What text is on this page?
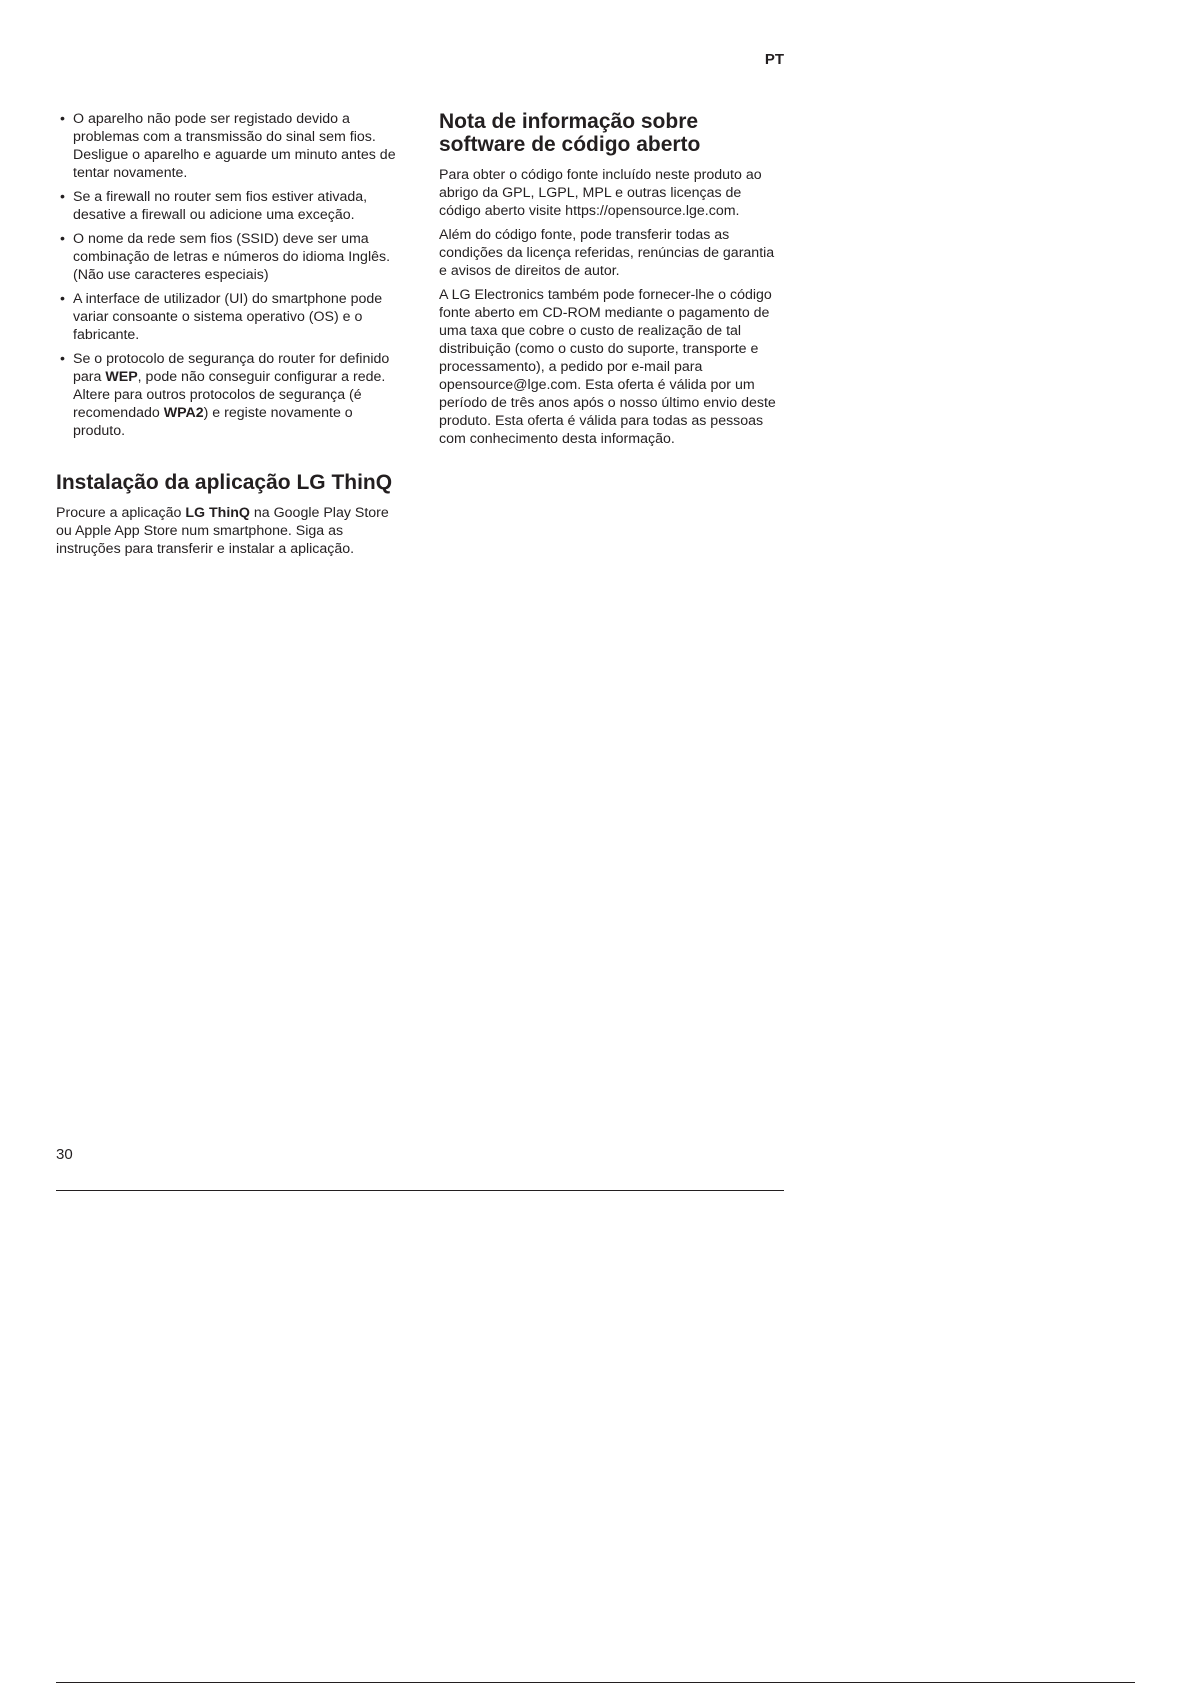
PT

• O aparelho não pode ser registado devido a problemas com a transmissão do sinal sem fios. Desligue o aparelho e aguarde um minuto antes de tentar novamente.
• Se a firewall no router sem fios estiver ativada, desative a firewall ou adicione uma exceção.
• O nome da rede sem fios (SSID) deve ser uma combinação de letras e números do idioma Inglês. (Não use caracteres especiais)
• A interface de utilizador (UI) do smartphone pode variar consoante o sistema operativo (OS) e o fabricante.
• Se o protocolo de segurança do router for definido para WEP, pode não conseguir configurar a rede. Altere para outros protocolos de segurança (é recomendado WPA2) e registe novamente o produto.
Instalação da aplicação LG ThinQ

Procure a aplicação LG ThinQ na Google Play Store ou Apple App Store num smartphone. Siga as instruções para transferir e instalar a aplicação.

Nota de informação sobre software de código aberto

Para obter o código fonte incluído neste produto ao abrigo da GPL, LGPL, MPL e outras licenças de código aberto visite https://opensource.lge.com.

Além do código fonte, pode transferir todas as condições da licença referidas, renúncias de garantia e avisos de direitos de autor.

A LG Electronics também pode fornecer-lhe o código fonte aberto em CD-ROM mediante o pagamento de uma taxa que cobre o custo de realização de tal distribuição (como o custo do suporte, transporte e processamento), a pedido por e-mail para opensource@lge.com. Esta oferta é válida por um período de três anos após o nosso último envio deste produto. Esta oferta é válida para todas as pessoas com conhecimento desta informação.

30
